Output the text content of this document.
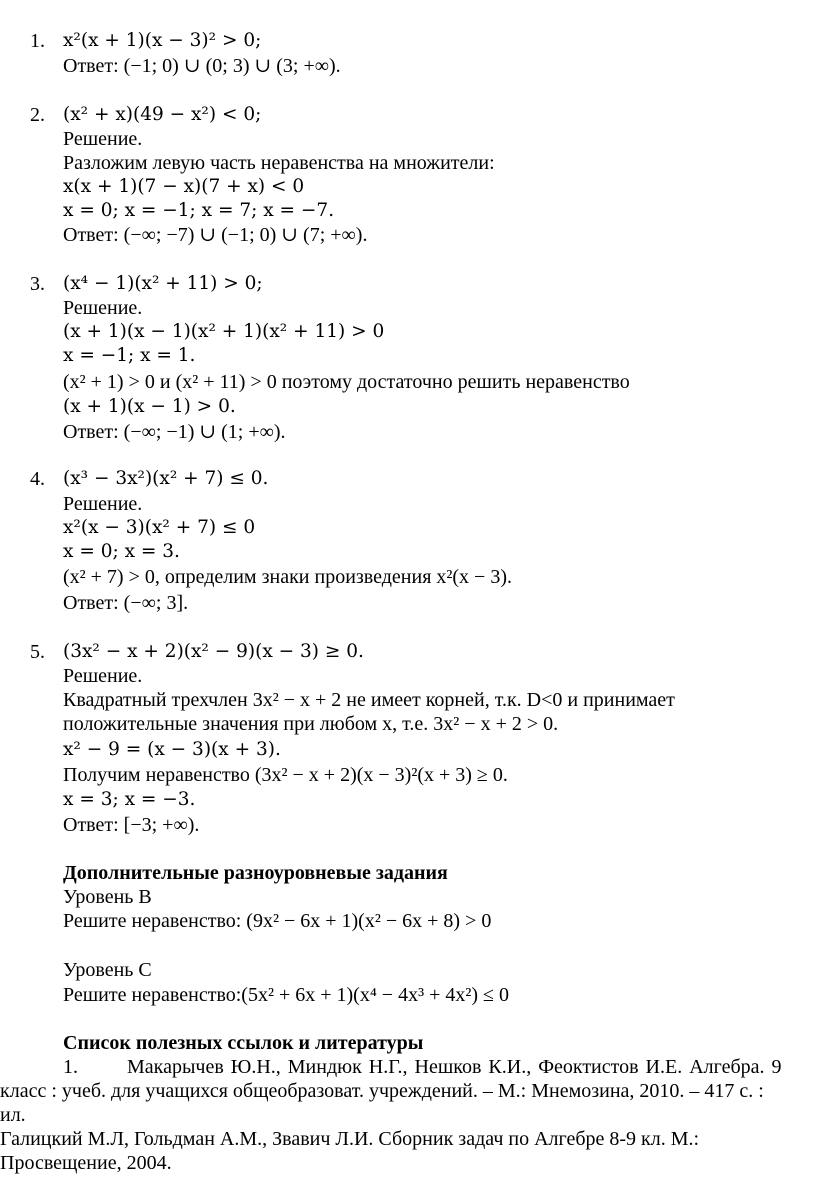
1. x²(x + 1)(x − 3)² > 0;
Ответ: (−1; 0) ∪ (0; 3) ∪ (3; +∞).
2. (x² + x)(49 − x²) < 0;
Решение.
Разложим левую часть неравенства на множители:
x(x + 1)(7 − x)(7 + x) < 0
x = 0; x = −1; x = 7; x = −7.
Ответ: (−∞; −7) ∪ (−1; 0) ∪ (7; +∞).
3. (x⁴ − 1)(x² + 11) > 0;
Решение.
(x + 1)(x − 1)(x² + 1)(x² + 11) > 0
x = −1; x = 1.
(x² + 1) > 0 и (x² + 11) > 0 поэтому достаточно решить неравенство
(x + 1)(x − 1) > 0.
Ответ: (−∞; −1) ∪ (1; +∞).
4. (x³ − 3x²)(x² + 7) ≤ 0.
Решение.
x²(x − 3)(x² + 7) ≤ 0
x = 0; x = 3.
(x² + 7) > 0, определим знаки произведения x²(x − 3).
Ответ: (−∞; 3].
5. (3x² − x + 2)(x² − 9)(x − 3) ≥ 0.
Решение.
Квадратный трехчлен 3x² − x + 2 не имеет корней, т.к. D<0 и принимает
положительные значения при любом x, т.е. 3x² − x + 2 > 0.
x² − 9 = (x − 3)(x + 3).
Получим неравенство (3x² − x + 2)(x − 3)²(x + 3) ≥ 0.
x = 3; x = −3.
Ответ: [−3; +∞).
Дополнительные разноуровневые задания
Уровень В
Решите неравенство: (9x² − 6x + 1)(x² − 6x + 8) > 0
Уровень С
Решите неравенство:(5x² + 6x + 1)(x⁴ − 4x³ + 4x²) ≤ 0
Список полезных ссылок и литературы
1. Макарычев Ю.Н., Миндюк Н.Г., Нешков К.И., Феоктистов И.Е. Алгебра. 9
класс : учеб. для учащихся общеобразоват. учреждений. – М.: Мнемозина, 2010. – 417 с. :
ил.
Галицкий М.Л, Гольдман А.М., Звавич Л.И. Сборник задач по Алгебре 8-9 кл. М.:
Просвещение, 2004.
